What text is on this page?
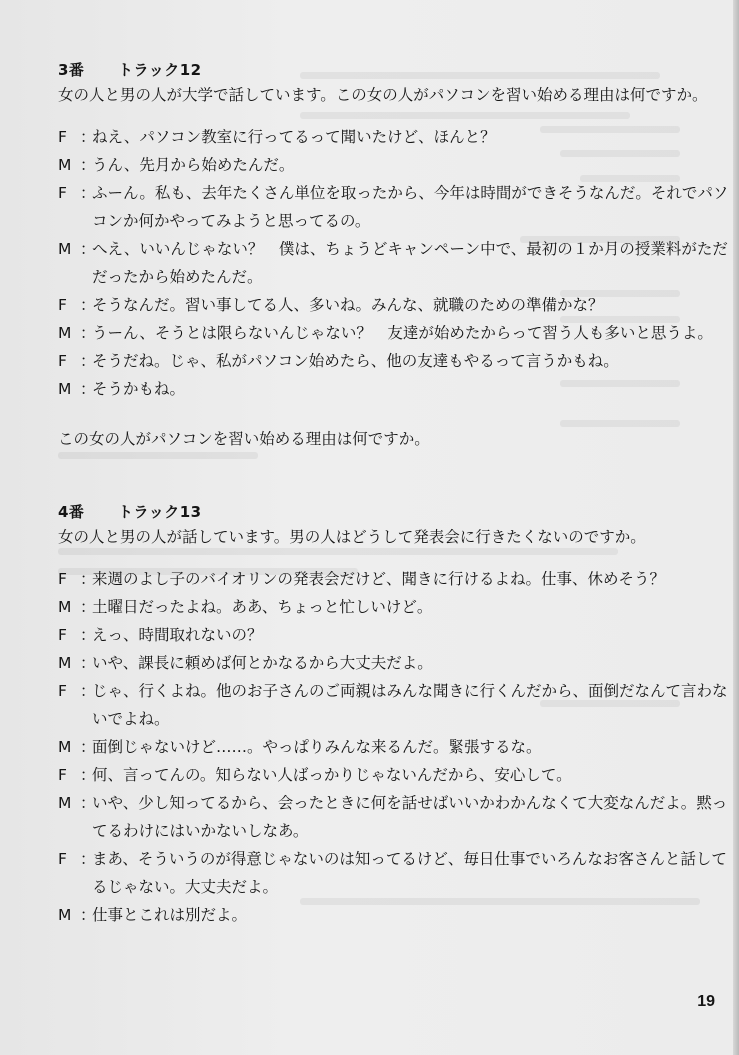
3番 トラック12
女の人と男の人が大学で話しています。この女の人がパソコンを習い始める理由は何ですか。
F ：
ねえ、パソコン教室に行ってるって聞いたけど、ほんと？
M ：
うん、先月から始めたんだ。
F ：
ふーん。私も、去年たくさん単位を取ったから、今年は時間ができそうなんだ。それでパソ
コンか何かやってみようと思ってるの。
M ：
へえ、いいんじゃない？　僕は、ちょうどキャンペーン中で、最初の１か月の授業料がただ
だったから始めたんだ。
F ：
そうなんだ。習い事してる人、多いね。みんな、就職のための準備かな？
M ：
うーん、そうとは限らないんじゃない？　友達が始めたからって習う人も多いと思うよ。
F ：
そうだね。じゃ、私がパソコン始めたら、他の友達もやるって言うかもね。
M ：
そうかもね。
この女の人がパソコンを習い始める理由は何ですか。
4番 トラック13
女の人と男の人が話しています。男の人はどうして発表会に行きたくないのですか。
F ：
来週のよし子のバイオリンの発表会だけど、聞きに行けるよね。仕事、休めそう？
M ：
土曜日だったよね。ああ、ちょっと忙しいけど。
F ：
えっ、時間取れないの？
M ：
いや、課長に頼めば何とかなるから大丈夫だよ。
F ：
じゃ、行くよね。他のお子さんのご両親はみんな聞きに行くんだから、面倒だなんて言わな
いでよね。
M ：
面倒じゃないけど……。やっぱりみんな来るんだ。緊張するな。
F ：
何、言ってんの。知らない人ばっかりじゃないんだから、安心して。
M ：
いや、少し知ってるから、会ったときに何を話せばいいかわかんなくて大変なんだよ。黙っ
てるわけにはいかないしなあ。
F ：
まあ、そういうのが得意じゃないのは知ってるけど、毎日仕事でいろんなお客さんと話して
るじゃない。大丈夫だよ。
M ：
仕事とこれは別だよ。
19
